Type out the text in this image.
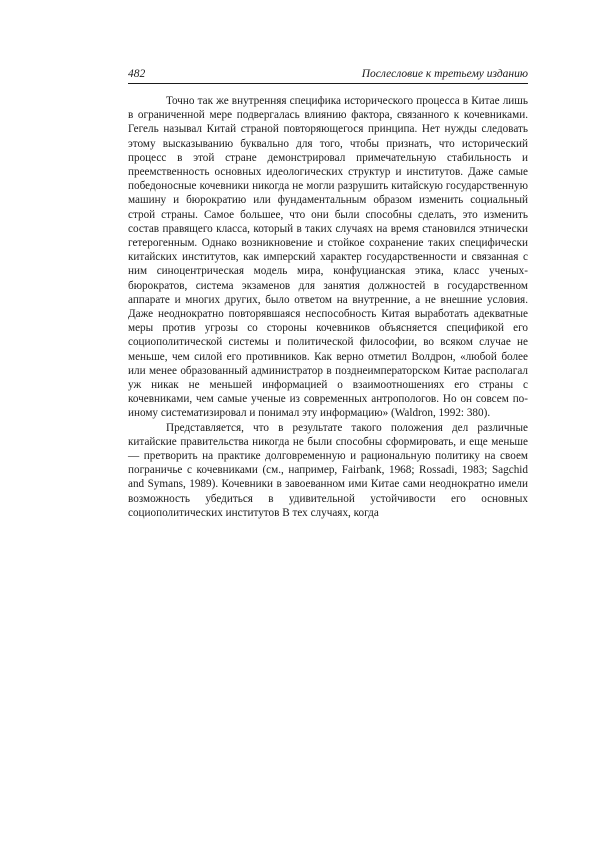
482	Послесловие к третьему изданию

Точно так же внутренняя специфика исторического процесса в Китае лишь в ограниченной мере подвергалась влиянию фактора, связанного к кочевниками. Гегель называл Китай страной повторяющегося принципа. Нет нужды следовать этому высказыванию буквально для того, чтобы признать, что исторический процесс в этой стране демонстрировал примечательную стабильность и преемственность основных идеологических структур и институтов. Даже самые победоносные кочевники никогда не могли разрушить китайскую государственную машину и бюрократию или фундаментальным образом изменить социальный строй страны. Самое большее, что они были способны сделать, это изменить состав правящего класса, который в таких случаях на время становился этнически гетерогенным. Однако возникновение и стойкое сохранение таких специфически китайских институтов, как имперский характер государственности и связанная с ним синоцентрическая модель мира, конфуцианская этика, класс ученых-бюрократов, система экзаменов для занятия должностей в государственном аппарате и многих других, было ответом на внутренние, а не внешние условия. Даже неоднократно повторявшаяся неспособность Китая выработать адекватные меры против угрозы со стороны кочевников объясняется спецификой его социополитической системы и политической философии, во всяком случае не меньше, чем силой его противников. Как верно отметил Волдрон, «любой более или менее образованный администратор в позднеимператорском Китае располагал уж никак не меньшей информацией о взаимоотношениях его страны с кочевниками, чем самые ученые из современных антропологов. Но он совсем по-иному систематизировал и понимал эту информацию» (Waldron, 1992: 380).

Представляется, что в результате такого положения дел различные китайские правительства никогда не были способны сформировать, и еще меньше — претворить на практике долговременную и рациональную политику на своем пограничье с кочевниками (см., например, Fairbank, 1968; Rossadi, 1983; Sagchid and Symans, 1989). Кочевники в завоеванном ими Китае сами неоднократно имели возможность убедиться в удивительной устойчивости его основных социополитических институтов В тех случаях, когда
